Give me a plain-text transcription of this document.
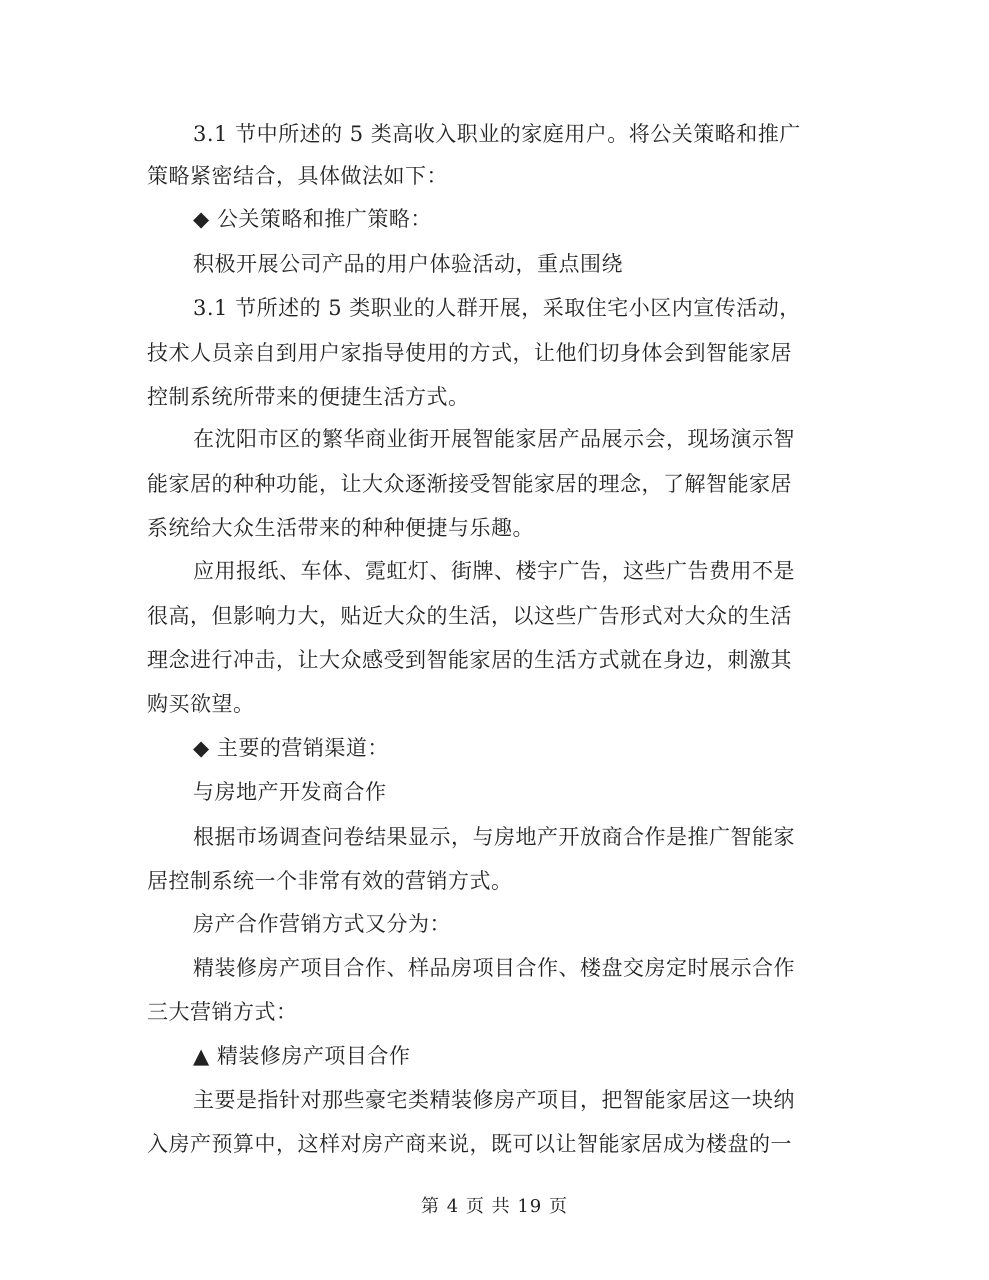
3.1 节中所述的 5 类高收入职业的家庭用户。将公关策略和推广
策略紧密结合，具体做法如下：
◆ 公关策略和推广策略：
积极开展公司产品的用户体验活动，重点围绕
3.1 节所述的 5 类职业的人群开展，采取住宅小区内宣传活动，
技术人员亲自到用户家指导使用的方式，让他们切身体会到智能家居
控制系统所带来的便捷生活方式。
在沈阳市区的繁华商业街开展智能家居产品展示会，现场演示智
能家居的种种功能，让大众逐渐接受智能家居的理念，了解智能家居
系统给大众生活带来的种种便捷与乐趣。
应用报纸、车体、霓虹灯、街牌、楼宇广告，这些广告费用不是
很高，但影响力大，贴近大众的生活，以这些广告形式对大众的生活
理念进行冲击，让大众感受到智能家居的生活方式就在身边，刺激其
购买欲望。
◆ 主要的营销渠道：
与房地产开发商合作
根据市场调查问卷结果显示，与房地产开放商合作是推广智能家
居控制系统一个非常有效的营销方式。
房产合作营销方式又分为：
精装修房产项目合作、样品房项目合作、楼盘交房定时展示合作
三大营销方式：
▲ 精装修房产项目合作
主要是指针对那些豪宅类精装修房产项目，把智能家居这一块纳
入房产预算中，这样对房产商来说，既可以让智能家居成为楼盘的一
第 4 页 共 19 页
